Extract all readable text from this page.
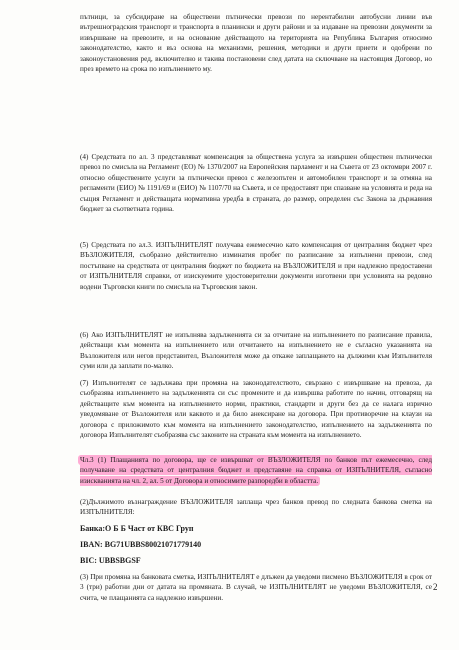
пътници, за субсидиране на обществени пътнически превози по нерентабилни автобусни линии във вътрешноградския транспорт и транспорта в планински и други райони и за издаване на превозни документи за извършване на превозите, и на основание действащото на територията на Република България относимо законодателство, както и въз основа на механизми, решения, методики и други приети и одобрени по законоустановения ред, включително и такива постановени след датата на сключване на настоящия Договор, но през времето на срока по изпълнението му.

(4) Средствата по ал. 3 представляват компенсация за обществена услуга за извършен обществен пътнически превоз по смисъла на Регламент (ЕО) № 1370/2007 на Европейския парламент и на Съвета от 23 октомври 2007 г. относно обществените услуги за пътнически превоз с железопътен и автомобилен транспорт и за отмяна на регламенти (ЕИО) № 1191/69 и (ЕИО) № 1107/70 на Съвета, и се предоставят при спазване на условията и реда на същия Регламент и действащата нормативна уредба в страната, до размер, определен със Закона за държавния бюджет за съответната година.

(5) Средствата по ал.3. ИЗПЪЛНИТЕЛЯТ получава ежемесечно като компенсация от централния бюджет чрез ВЪЗЛОЖИТЕЛЯ, съобразно действително изминатия пробег по разписание за изпълнени превози, след постъпване на средствата от централния бюджет по бюджета на ВЪЗЛОЖИТЕЛЯ и при надлежно предоставени от ИЗПЪЛНИТЕЛЯ справки, от изискуемите удостоверителни документи изготвени при условията на редовно водени Търговски книги по смисъла на Търговския закон.

(6) Ако ИЗПЪЛНИТЕЛЯТ не изпълнява задълженията си за отчитане на изпълнението по разписание правила, действащи към момента на изпълнението или отчитането на изпълнението не е съгласно указанията на Възложителя или негов представител, Възложителя може да откаже заплащането на дължими към Изпълнителя суми или да заплати по-малко.

(7) Изпълнителят се задължава при промяна на законодателството, свързано с извършване на превоза, да съобразява изпълнението на задълженията си със промените и да извършва работите по начин, отговарящ на действащите към момента на изпълнението норми, практики, стандарти и други без да се налага изрично уведомяване от Възложителя или каквото и да било анексиране на договора. При противоречие на клаузи на договора с приложимото към момента на изпълнението законодателство, изпълнението на задълженията по договора Изпълнителят съобразява със законите на страната към момента на изпълнението.

Чл.3 (1) Плащанията по договора, ще се извършват от ВЪЗЛОЖИТЕЛЯ по банков път ежемесечно, след получаване на средствата от централния бюджет и представяне на справка от ИЗПЪЛНИТЕЛЯ, съгласно изискванията на чл. 2, ал. 5 от Договора и относимите разпоредби в областта.

(2)Дължимото възнаграждение ВЪЗЛОЖИТЕЛЯ заплаща чрез банков превод по следната банкова сметка на ИЗПЪЛНИТЕЛЯ:

Банка:О Б Б Част от КВС Груп

IBAN: BG71UBBS80021071779140

BIC: UBBSBGSF

(3) При промяна на банковата сметка, ИЗПЪЛНИТЕЛЯТ е длъжен да уведоми писмено ВЪЗЛОЖИТЕЛЯ в срок от 3 (три) работни дни от датата на промяната. В случай, че ИЗПЪЛНИТЕЛЯТ не уведоми ВЪЗЛОЖИТЕЛЯ, се счита, че плащанията са надлежно извършени.

2
